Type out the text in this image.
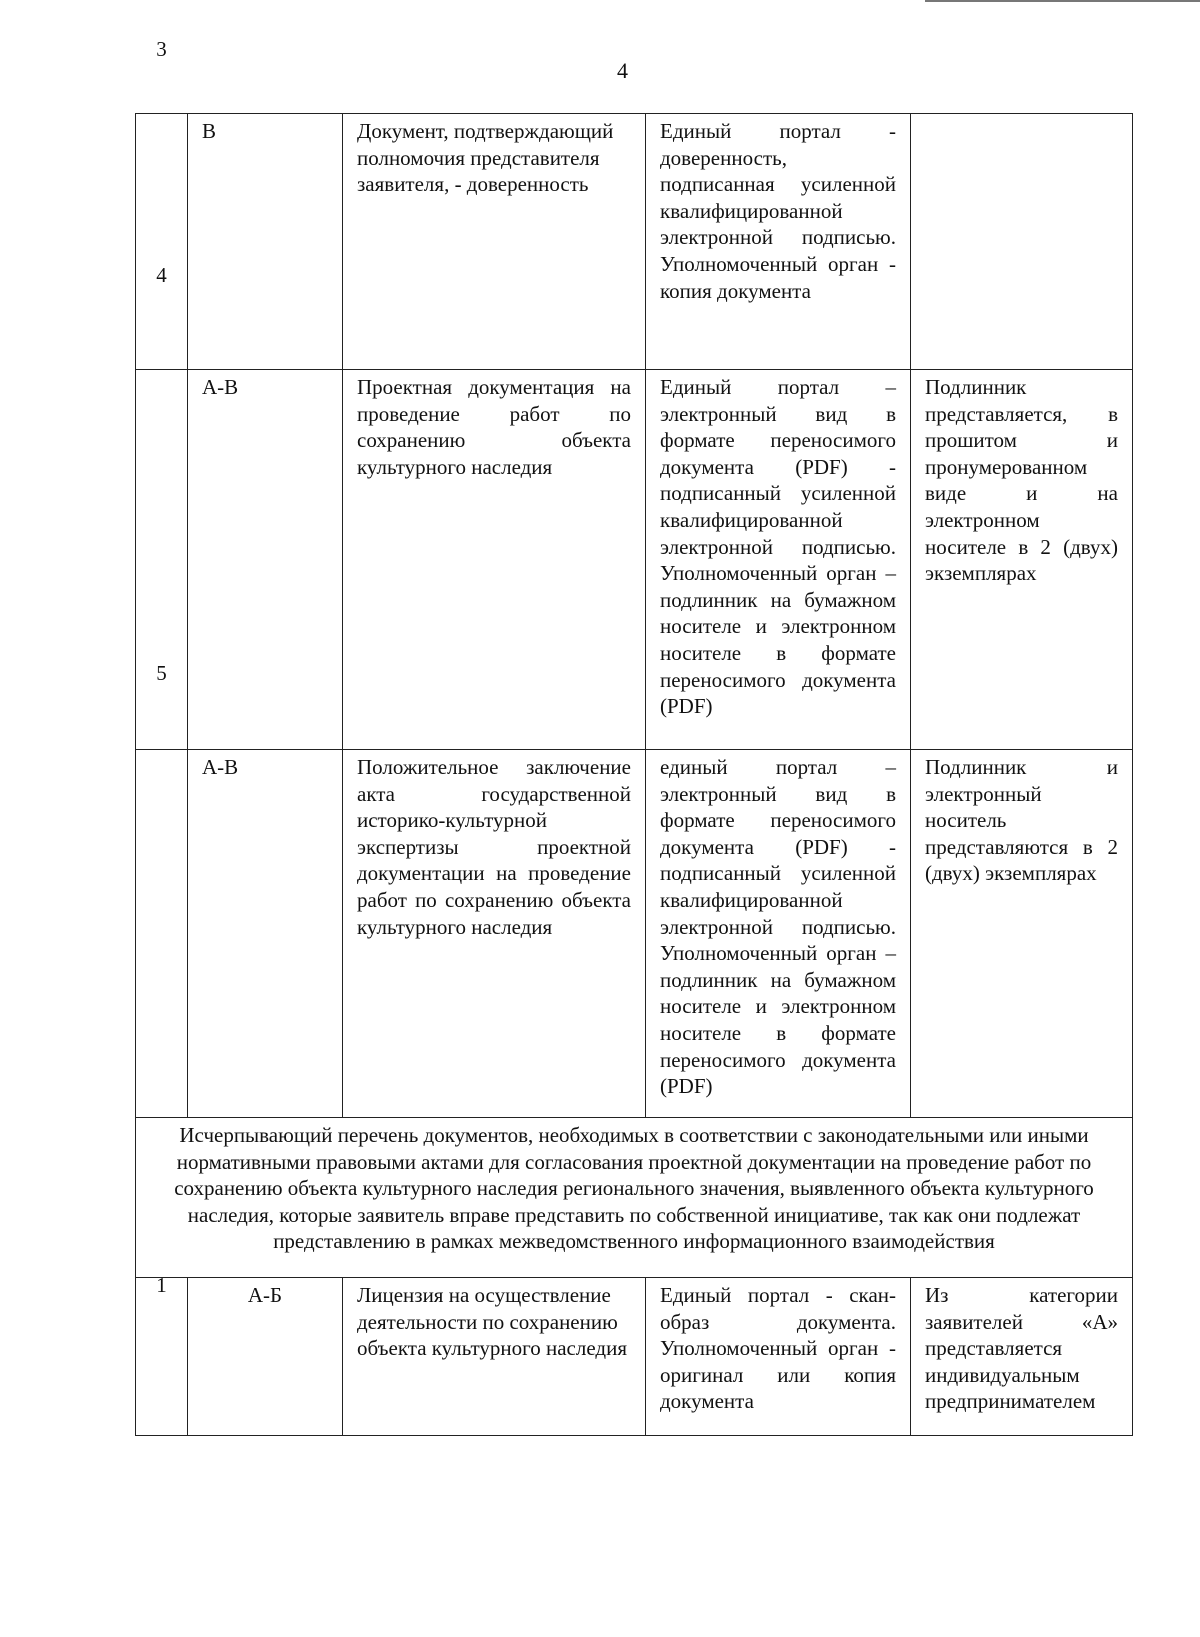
4
3	В	Документ, подтверждающий полномочия представителя заявителя, - доверенность	Единый портал - доверенность, подписанная усиленной квалифицированной электронной подписью. Уполномоченный орган - копия документа	
4	А-В	Проектная документация на проведение работ по сохранению объекта культурного наследия	Единый портал – электронный вид в формате переносимого документа (PDF) - подписанный усиленной квалифицированной электронной подписью. Уполномоченный орган – подлинник на бумажном носителе и электронном носителе в формате переносимого документа (PDF)	Подлинник представляется, в прошитом и пронумерованном виде и на электронном носителе в 2 (двух) экземплярах
5	А-В	Положительное заключение акта государственной историко-культурной экспертизы проектной документации на проведение работ по сохранению объекта культурного наследия	единый портал – электронный вид в формате переносимого документа (PDF) - подписанный усиленной квалифицированной электронной подписью. Уполномоченный орган – подлинник на бумажном носителе и электронном носителе в формате переносимого документа (PDF)	Подлинник и электронный носитель представляются в 2 (двух) экземплярах
Исчерпывающий перечень документов, необходимых в соответствии с законодательными или иными нормативными правовыми актами для согласования проектной документации на проведение работ по сохранению объекта культурного наследия регионального значения, выявленного объекта культурного наследия, которые заявитель вправе представить по собственной инициативе, так как они подлежат представлению в рамках межведомственного информационного взаимодействия				
1	А-Б	Лицензия на осуществление деятельности по сохранению объекта культурного наследия	Единый портал - скан-образ документа. Уполномоченный орган - оригинал или копия документа	Из категории заявителей «А» представляется индивидуальным предпринимателем
